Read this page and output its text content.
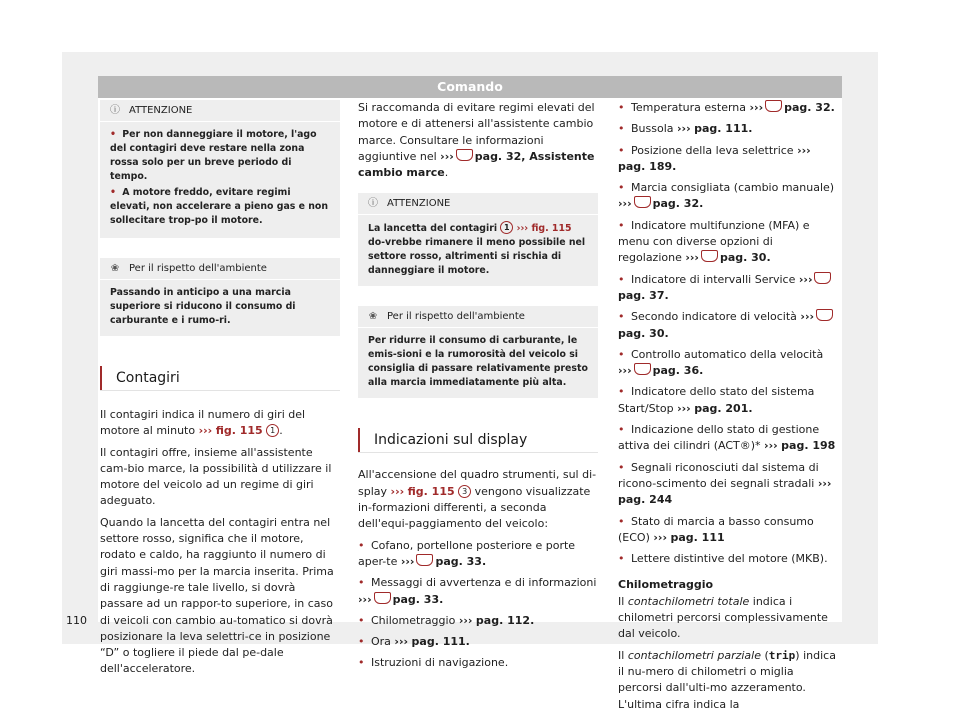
Comando
ⓘ ATTENZIONE

• Per non danneggiare il motore, l'ago del contagiri deve restare nella zona rossa solo per un breve periodo di tempo.

• A motore freddo, evitare regimi elevati, non accelerare a pieno gas e non sollecitare trop-po il motore.

❀ Per il rispetto dell'ambiente
Passando in anticipo a una marcia superiore si riducono il consumo di carburante e i rumo-ri.
Contagiri

Il contagiri indica il numero di giri del motore al minuto ››› fig. 115 1 .

Il contagiri offre, insieme all'assistente cam-bio marce, la possibilità d utilizzare il motore del veicolo ad un regime di giri adeguato.

Quando la lancetta del contagiri entra nel settore rosso, significa che il motore, rodato e caldo, ha raggiunto il numero di giri massi-mo per la marcia inserita. Prima di raggiunge-re tale livello, si dovrà passare ad un rappor-to superiore, in caso di veicoli con cambio au-tomatico si dovrà posizionare la leva selettri-ce in posizione “D” o togliere il piede dal pe-dale dell'acceleratore.

Si raccomanda di evitare regimi elevati del motore e di attenersi all'assistente cambio marce. Consultare le informazioni aggiuntive nel ››› pag. 32, Assistente cambio marce.

ⓘ ATTENZIONE
La lancetta del contagiri 1 ››› fig. 115 do-vrebbe rimanere il meno possibile nel settore rosso, altrimenti si rischia di danneggiare il motore.
❀ Per il rispetto dell'ambiente
Per ridurre il consumo di carburante, le emis-sioni e la rumorosità del veicolo si consiglia di passare relativamente presto alla marcia immediatamente più alta.
Indicazioni sul display

All'accensione del quadro strumenti, sul di-splay ››› fig. 115 3 vengono visualizzate in-formazioni differenti, a seconda dell'equi-paggiamento del veicolo:

• Cofano, portellone posteriore e porte aper-te ››› pag. 33.

• Messaggi di avvertenza e di informazioni ››› pag. 33.

• Chilometraggio ››› pag. 112.

• Ora ››› pag. 111.

• Istruzioni di navigazione.

• Temperatura esterna ››› pag. 32.

• Bussola ››› pag. 111.

• Posizione della leva selettrice ››› pag. 189.

• Marcia consigliata (cambio manuale) ››› pag. 32.

• Indicatore multifunzione (MFA) e menu con diverse opzioni di regolazione ››› pag. 30.

• Indicatore di intervalli Service ›››pag. 37.

• Secondo indicatore di velocità ›››pag. 30.

• Controllo automatico della velocità ››› pag. 36.

• Indicatore dello stato del sistema Start/Stop ››› pag. 201.

• Indicazione dello stato di gestione attiva dei cilindri (ACT®)* ››› pag. 198

• Segnali riconosciuti dal sistema di ricono-scimento dei segnali stradali ››› pag. 244

• Stato di marcia a basso consumo (ECO) ››› pag. 111

• Lettere distintive del motore (MKB).

Chilometraggio

Il contachilometri totale indica i chilometri percorsi complessivamente dal veicolo.

Il contachilometri parziale (trip) indica il nu-mero di chilometri o miglia percorsi dall'ulti-mo azzeramento. L'ultima cifra indica la

110
